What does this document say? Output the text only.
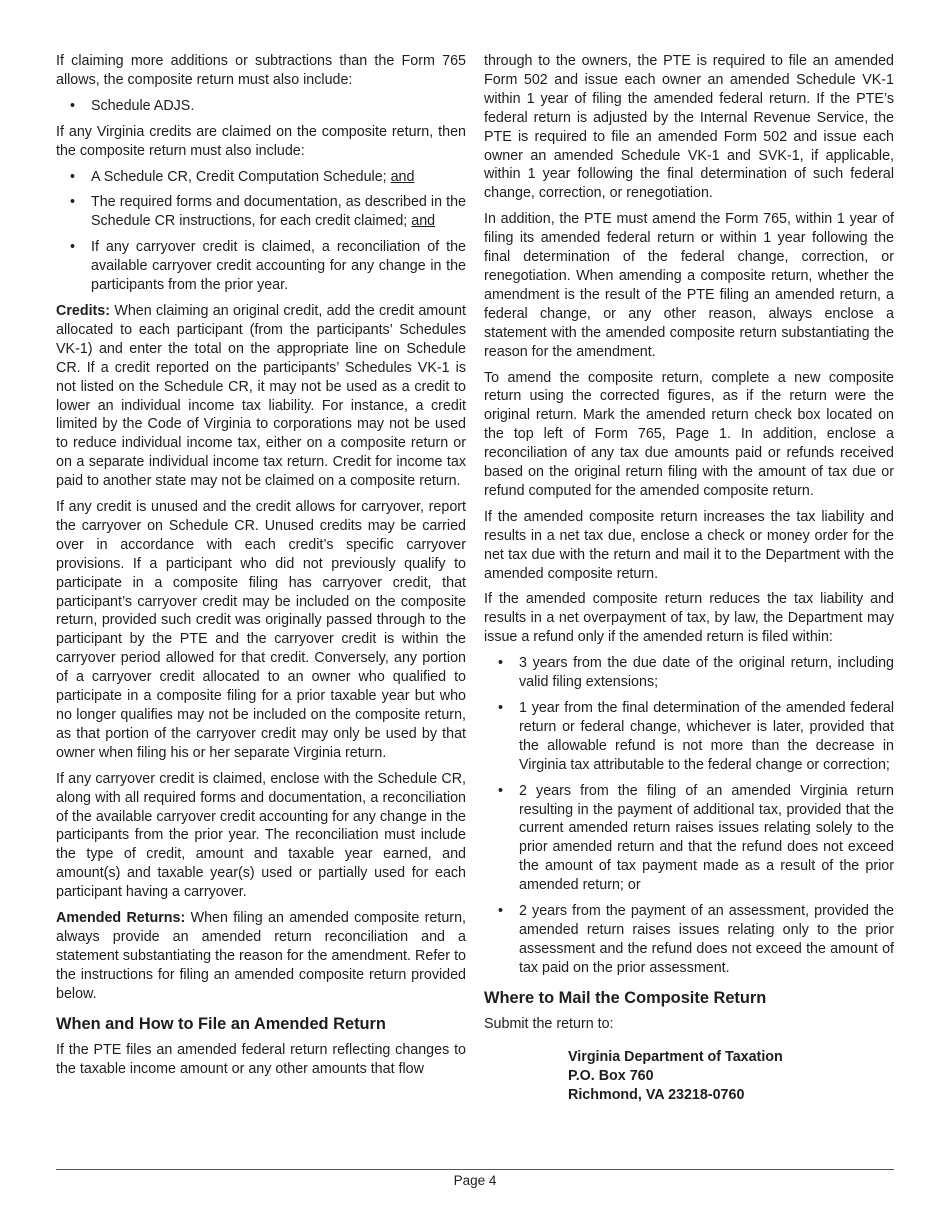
If claiming more additions or subtractions than the Form 765 allows, the composite return must also include:

• Schedule ADJS.

If any Virginia credits are claimed on the composite return, then the composite return must also include:

• A Schedule CR, Credit Computation Schedule; and
• The required forms and documentation, as described in the Schedule CR instructions, for each credit claimed; and
• If any carryover credit is claimed, a reconciliation of the available carryover credit accounting for any change in the participants from the prior year.

Credits: When claiming an original credit, add the credit amount allocated to each participant (from the participants’ Schedules VK-1) and enter the total on the appropriate line on Schedule CR. If a credit reported on the participants’ Schedules VK-1 is not listed on the Schedule CR, it may not be used as a credit to lower an individual income tax liability. For instance, a credit limited by the Code of Virginia to corporations may not be used to reduce individual income tax, either on a composite return or on a separate individual income tax return. Credit for income tax paid to another state may not be claimed on a composite return.

If any credit is unused and the credit allows for carryover, report the carryover on Schedule CR. Unused credits may be carried over in accordance with each credit’s specific carryover provisions. If a participant who did not previously qualify to participate in a composite filing has carryover credit, that participant’s carryover credit may be included on the composite return, provided such credit was originally passed through to the participant by the PTE and the carryover credit is within the carryover period allowed for that credit. Conversely, any portion of a carryover credit allocated to an owner who qualified to participate in a composite filing for a prior taxable year but who no longer qualifies may not be included on the composite return, as that portion of the carryover credit may only be used by that owner when filing his or her separate Virginia return.

If any carryover credit is claimed, enclose with the Schedule CR, along with all required forms and documentation, a reconciliation of the available carryover credit accounting for any change in the participants from the prior year. The reconciliation must include the type of credit, amount and taxable year earned, and amount(s) and taxable year(s) used or partially used for each participant having a carryover.

Amended Returns: When filing an amended composite return, always provide an amended return reconciliation and a statement substantiating the reason for the amendment. Refer to the instructions for filing an amended composite return provided below.

When and How to File an Amended Return

If the PTE files an amended federal return reflecting changes to the taxable income amount or any other amounts that flow

through to the owners, the PTE is required to file an amended Form 502 and issue each owner an amended Schedule VK-1 within 1 year of filing the amended federal return. If the PTE’s federal return is adjusted by the Internal Revenue Service, the PTE is required to file an amended Form 502 and issue each owner an amended Schedule VK-1 and SVK-1, if applicable, within 1 year following the final determination of such federal change, correction, or renegotiation.

In addition, the PTE must amend the Form 765, within 1 year of filing its amended federal return or within 1 year following the final determination of the federal change, correction, or renegotiation. When amending a composite return, whether the amendment is the result of the PTE filing an amended return, a federal change, or any other reason, always enclose a statement with the amended composite return substantiating the reason for the amendment.

To amend the composite return, complete a new composite return using the corrected figures, as if the return were the original return. Mark the amended return check box located on the top left of Form 765, Page 1. In addition, enclose a reconciliation of any tax due amounts paid or refunds received based on the original return filing with the amount of tax due or refund computed for the amended composite return.

If the amended composite return increases the tax liability and results in a net tax due, enclose a check or money order for the net tax due with the return and mail it to the Department with the amended composite return.

If the amended composite return reduces the tax liability and results in a net overpayment of tax, by law, the Department may issue a refund only if the amended return is filed within:

• 3 years from the due date of the original return, including valid filing extensions;
• 1 year from the final determination of the amended federal return or federal change, whichever is later, provided that the allowable refund is not more than the decrease in Virginia tax attributable to the federal change or correction;
• 2 years from the filing of an amended Virginia return resulting in the payment of additional tax, provided that the current amended return raises issues relating solely to the prior amended return and that the refund does not exceed the amount of tax payment made as a result of the prior amended return; or
• 2 years from the payment of an assessment, provided the amended return raises issues relating only to the prior assessment and the refund does not exceed the amount of tax paid on the prior assessment.
Where to Mail the Composite Return

Submit the return to:

Virginia Department of Taxation
P.O. Box 760
Richmond, VA 23218-0760
Page 4
